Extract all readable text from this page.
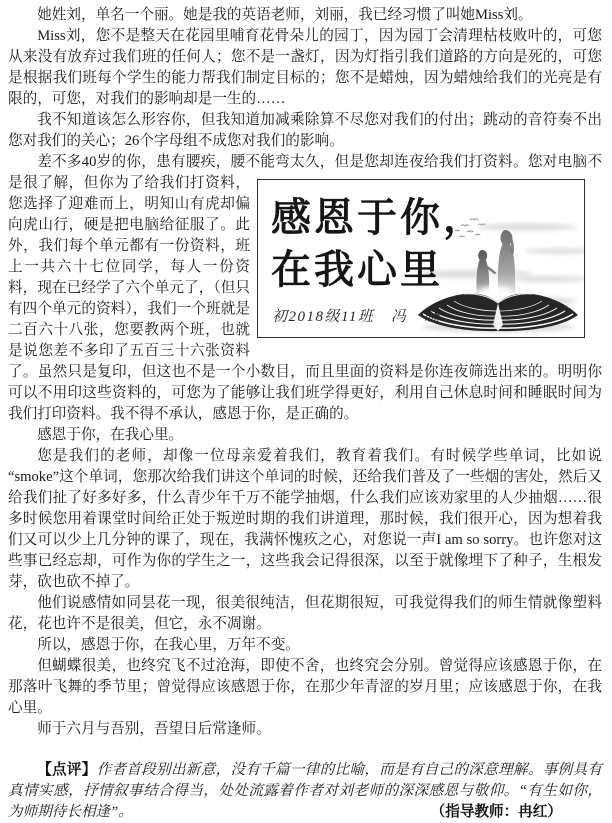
她姓刘，单名一个丽。她是我的英语老师，刘丽，我已经习惯了叫她Miss刘。

Miss刘，您不是整天在花园里哺育花骨朵儿的园丁，因为园丁会清理枯枝败叶的，可您从来没有放弃过我们班的任何人；您不是一盏灯，因为灯指引我们道路的方向是死的，可您是根据我们班每个学生的能力帮我们制定目标的；您不是蜡烛，因为蜡烛给我们的光亮是有限的，可您，对我们的影响却是一生的……

我不知道该怎么形容你，但我知道加减乘除算不尽您对我们的付出；跳动的音符奏不出您对我们的关心；26个字母组不成您对我们的影响。

差不多40岁的你，患有腰疾，腰不能弯太久，但是您却连夜给我们打资料。您对电脑不是很了
感恩于你，
在我心里
初2018级11班　冯　晓
解，但你为了给我们打资料，您选择了迎难而上，明知山有虎却偏向虎山行，硬是把电脑给征服了。此外，我们每个单元都有一份资料，班上一共六十七位同学，每人一份资料，现在已经学了六个单元了，（但只有四个单元的资料），我们一个班就是二百六十八张，您要教两个班，也就是说您差不多印了五百三十六张资料了。虽然只是复印，但这也不是一个小数目，而且里面的资料是你连夜筛选出来的。明明你可以不用印这些资料的，可您为了能够让我们班学得更好，利用自己休息时间和睡眠时间为我们打印资料。我不得不承认，感恩于你，是正确的。

感恩于你，在我心里。

您是我们的老师，却像一位母亲爱着我们，教育着我们。有时候学些单词，比如说“smoke”这个单词，您那次给我们讲这个单词的时候，还给我们普及了一些烟的害处，然后又给我们扯了好多好多，什么青少年千万不能学抽烟，什么我们应该劝家里的人少抽烟……很多时候您用着课堂时间给正处于叛逆时期的我们讲道理，那时候，我们很开心，因为想着我们又可以少上几分钟的课了，现在，我满怀愧疚之心，对您说一声I am so sorry。也许您对这些事已经忘却，可作为你的学生之一，这些我会记得很深，以至于就像埋下了种子，生根发芽，砍也砍不掉了。

他们说感情如同昙花一现，很美很纯洁，但花期很短，可我觉得我们的师生情就像塑料花，花也许不是很美，但它，永不凋谢。

所以，感恩于你，在我心里，万年不变。

但蝴蝶很美，也终究飞不过沧海，即使不舍，也终究会分别。曾觉得应该感恩于你，在那落叶飞舞的季节里；曾觉得应该感恩于你，在那少年青涩的岁月里；应该感恩于你，在我心里。

师于六月与吾别，吾望日后常逢师。

【点评】作者首段别出新意，没有千篇一律的比喻，而是有自己的深意理解。事例具有真情实感，抒情叙事结合得当，处处流露着作者对刘老师的深深感恩与敬仰。“有生如你， 为师期待长相逢”。	（指导教师：冉红）
